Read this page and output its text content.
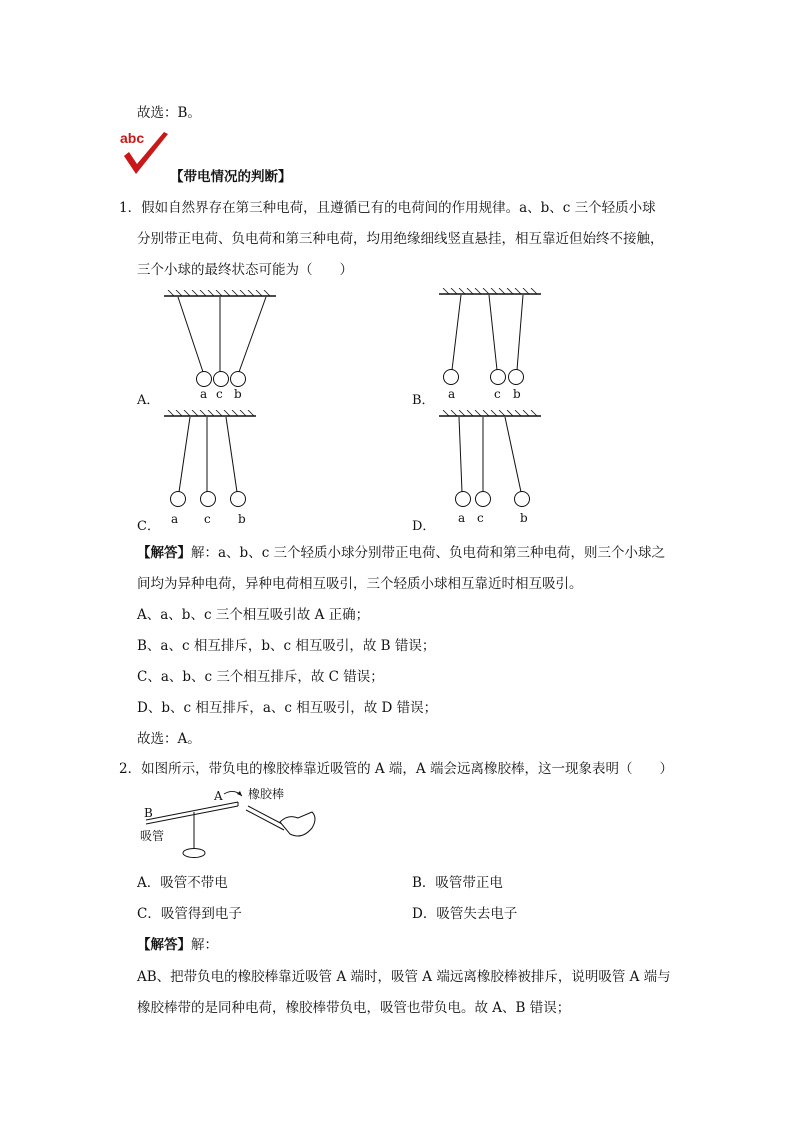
故选：B。
abc
【带电情况的判断】
1．假如自然界存在第三种电荷，且遵循已有的电荷间的作用规律。a、b、c 三个轻质小球
分别带正电荷、负电荷和第三种电荷，均用绝缘细线竖直悬挂，相互靠近但始终不接触，
三个小球的最终状态可能为（　　）
A．	a c b	B． a	c b
C． a c b	D．
a c	b
【解答】解：a、b、c 三个轻质小球分别带正电荷、负电荷和第三种电荷，则三个小球之
间均为异种电荷，异种电荷相互吸引，三个轻质小球相互靠近时相互吸引。
A、a、b、c 三个相互吸引故 A 正确；
B、a、c 相互排斥，b、c 相互吸引，故 B 错误；
C、a、b、c 三个相互排斥，故 C 错误；
D、b、c 相互排斥，a、c 相互吸引，故 D 错误；
故选：A。
2．如图所示，带负电的橡胶棒靠近吸管的 A 端，A 端会远离橡胶棒，这一现象表明（　　）
B
A 橡胶棒
吸管
A．吸管不带电	B．吸管带正电
C．吸管得到电子	D．吸管失去电子
【解答】解：
AB、把带负电的橡胶棒靠近吸管 A 端时，吸管 A 端远离橡胶棒被排斥，说明吸管 A 端与
橡胶棒带的是同种电荷，橡胶棒带负电，吸管也带负电。故 A、B 错误；
